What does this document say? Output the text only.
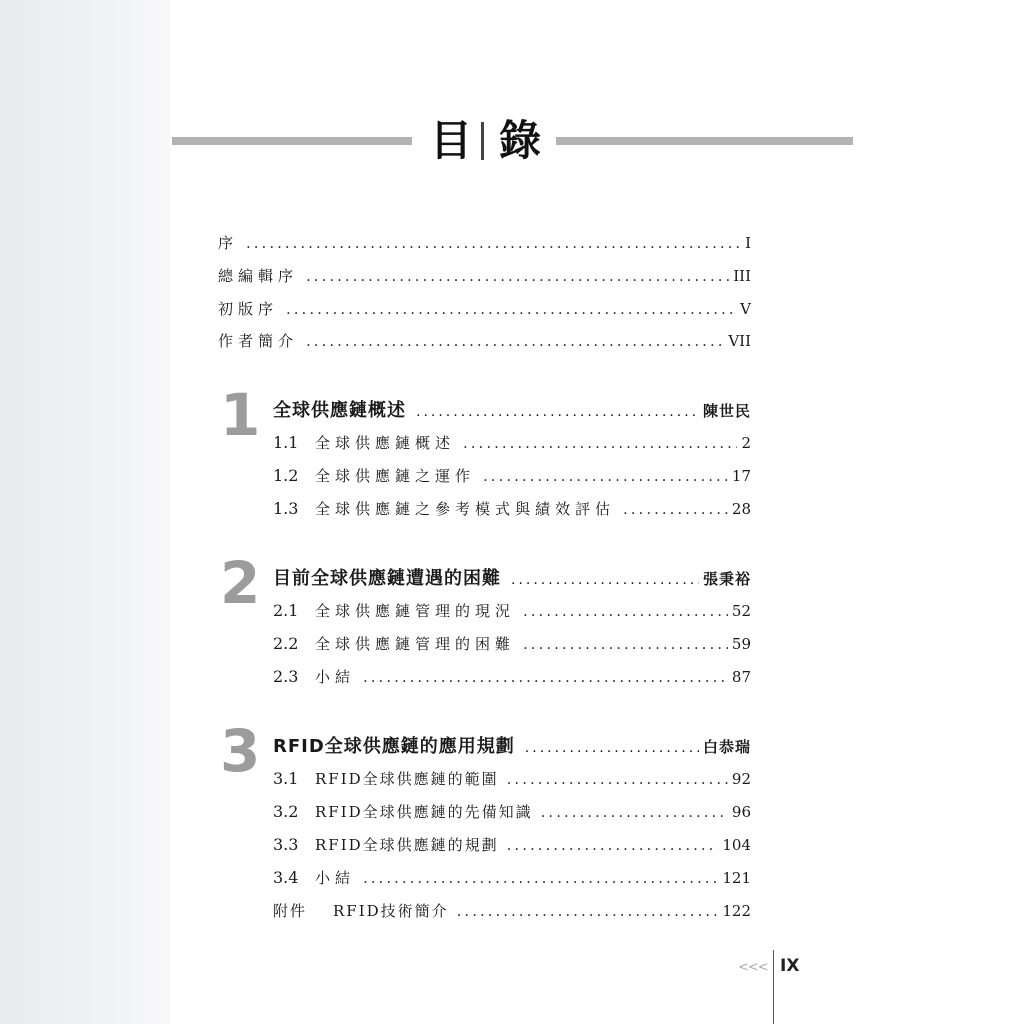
目 錄
序 .....	I
總編輯序 .....	III
初版序 .....	V
作者簡介 .....	VII
1 全球供應鏈概述 .....	陳世民
1.1	全球供應鏈概述 .....	2
1.2	全球供應鏈之運作 .....	17
1.3	全球供應鏈之參考模式與績效評估 .....	28
2 目前全球供應鏈遭遇的困難 .....	張秉裕
2.1	全球供應鏈管理的現況 .....	52
2.2	全球供應鏈管理的困難 .....	59
2.3	小結 .....	87
3 RFID全球供應鏈的應用規劃 .....	白恭瑞
3.1	RFID全球供應鏈的範圍 .....	92
3.2	RFID全球供應鏈的先備知識 .....	96
3.3	RFID全球供應鏈的規劃 .....	104
3.4	小結 .....	121
附件	RFID技術簡介 .....	122
<<< IX
